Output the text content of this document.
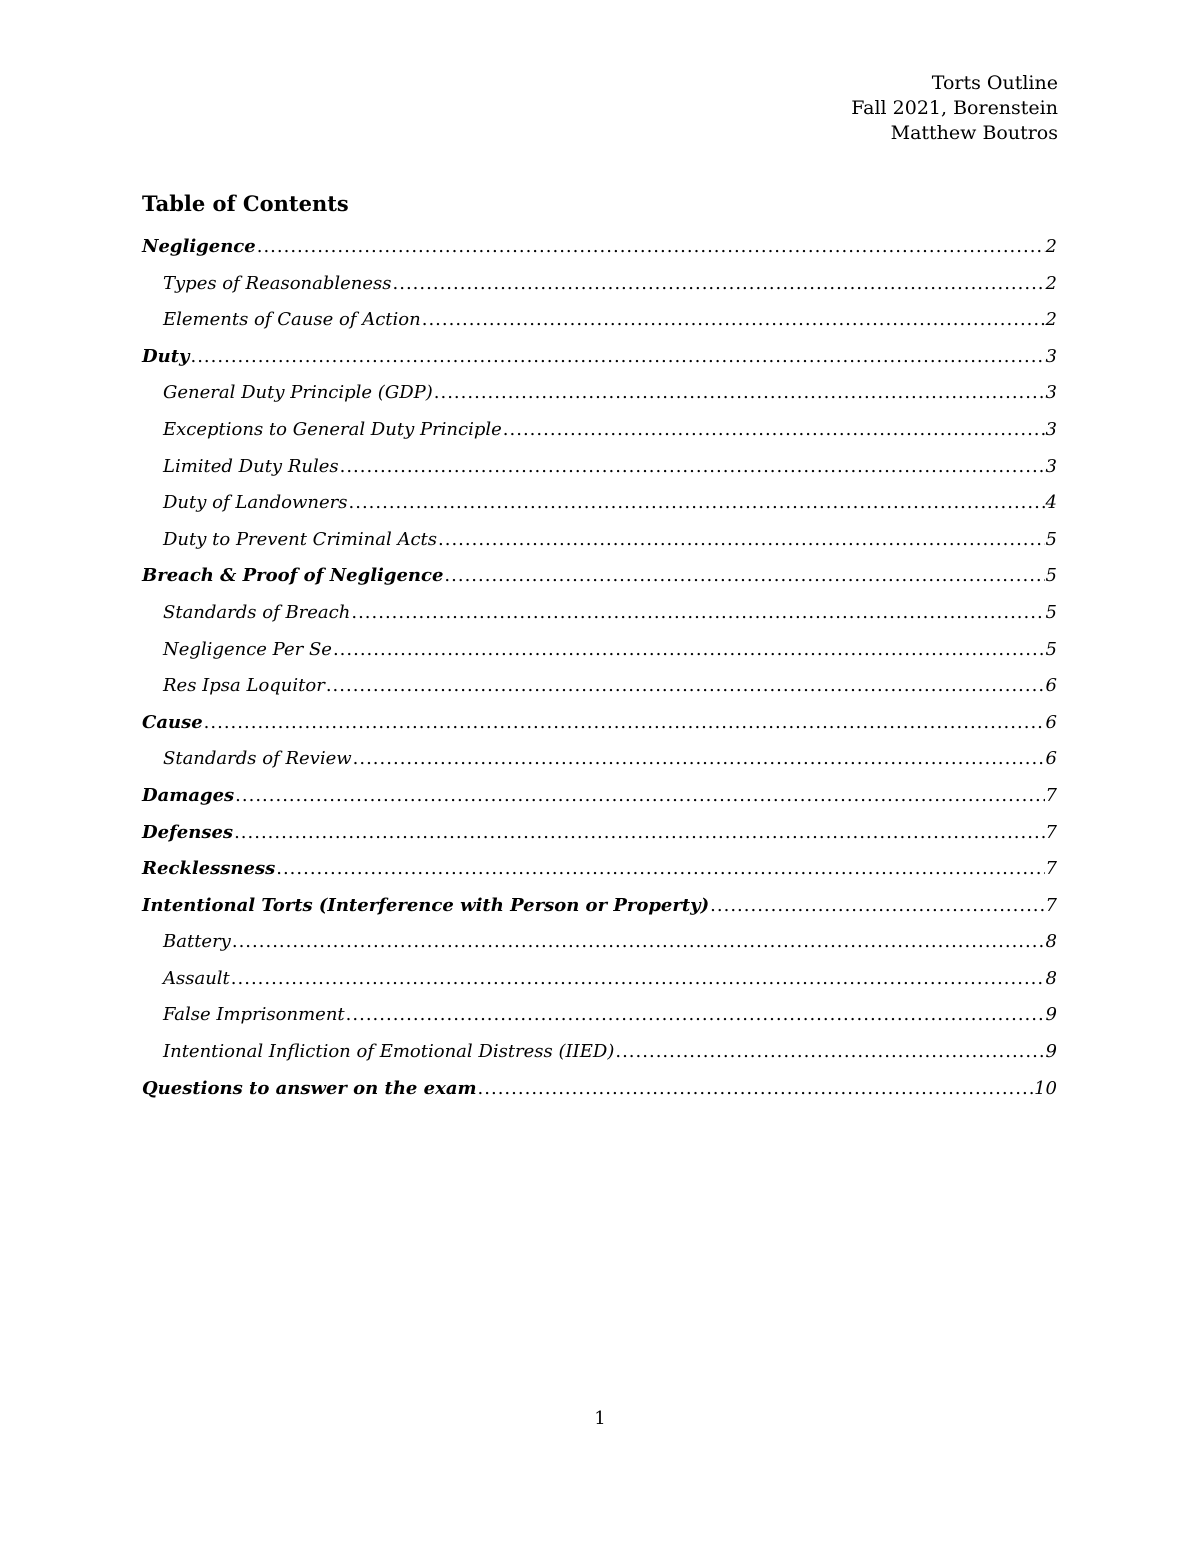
Torts Outline
Fall 2021, Borenstein
Matthew Boutros
Table of Contents
Negligence .....	2
Types of Reasonableness .....	2
Elements of Cause of Action .....	2
Duty .....	3
General Duty Principle (GDP) .....	3
Exceptions to General Duty Principle .....	3
Limited Duty Rules .....	3
Duty of Landowners .....	4
Duty to Prevent Criminal Acts .....	5
Breach & Proof of Negligence .....	5
Standards of Breach .....	5
Negligence Per Se .....	5
Res Ipsa Loquitor .....	6
Cause .....	6
Standards of Review .....	6
Damages .....	7
Defenses .....	7
Recklessness .....	7
Intentional Torts (Interference with Person or Property) .....	7
Battery .....	8
Assault .....	8
False Imprisonment .....	9
Intentional Infliction of Emotional Distress (IIED) .....	9
Questions to answer on the exam .....	10
1
